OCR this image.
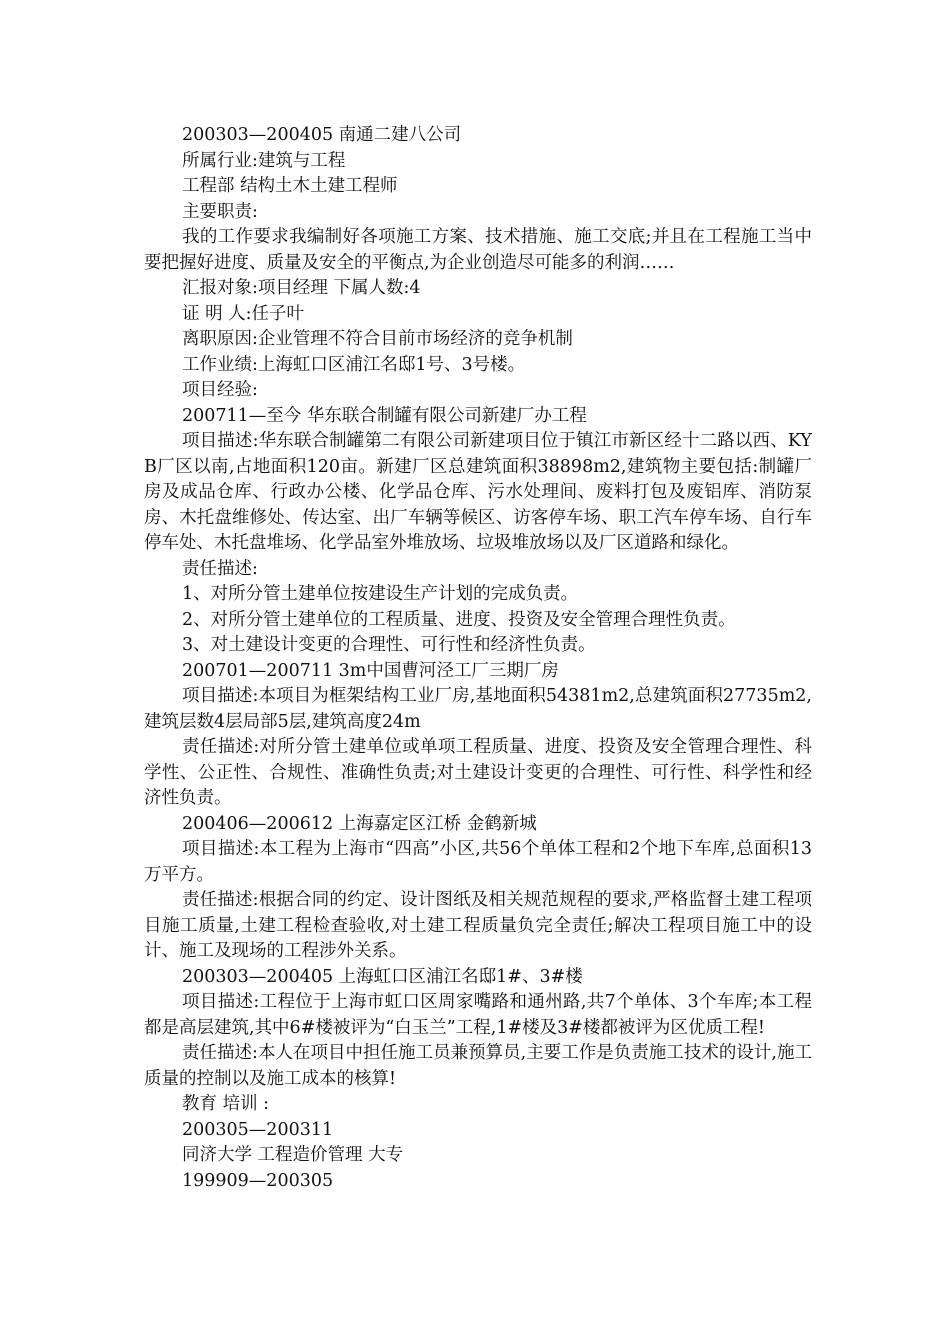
200303—200405 南通二建八公司
所属行业:建筑与工程
工程部 结构土木土建工程师
主要职责:
我的工作要求我编制好各项施工方案、技术措施、施工交底;并且在工程施工当中要把握好进度、质量及安全的平衡点,为企业创造尽可能多的利润……
汇报对象:项目经理 下属人数:4
证 明 人:任子叶
离职原因:企业管理不符合目前市场经济的竞争机制
工作业绩:上海虹口区浦江名邸1号、3号楼。
项目经验:
200711—至今 华东联合制罐有限公司新建厂办工程
项目描述:华东联合制罐第二有限公司新建项目位于镇江市新区经十二路以西、KYB厂区以南,占地面积120亩。新建厂区总建筑面积38898m2,建筑物主要包括:制罐厂房及成品仓库、行政办公楼、化学品仓库、污水处理间、废料打包及废铝库、消防泵房、木托盘维修处、传达室、出厂车辆等候区、访客停车场、职工汽车停车场、自行车停车处、木托盘堆场、化学品室外堆放场、垃圾堆放场以及厂区道路和绿化。
责任描述:
1、对所分管土建单位按建设生产计划的完成负责。
2、对所分管土建单位的工程质量、进度、投资及安全管理合理性负责。
3、对土建设计变更的合理性、可行性和经济性负责。
200701—200711 3m中国曹河泾工厂三期厂房
项目描述:本项目为框架结构工业厂房,基地面积54381m2,总建筑面积27735m2,建筑层数4层局部5层,建筑高度24m
责任描述:对所分管土建单位或单项工程质量、进度、投资及安全管理合理性、科学性、公正性、合规性、准确性负责;对土建设计变更的合理性、可行性、科学性和经济性负责。
200406—200612 上海嘉定区江桥 金鹤新城
项目描述:本工程为上海市“四高”小区,共56个单体工程和2个地下车库,总面积13万平方。
责任描述:根据合同的约定、设计图纸及相关规范规程的要求,严格监督土建工程项目施工质量,土建工程检查验收,对土建工程质量负完全责任;解决工程项目施工中的设计、施工及现场的工程涉外关系。
200303—200405 上海虹口区浦江名邸1#、3#楼
项目描述:工程位于上海市虹口区周家嘴路和通州路,共7个单体、3个车库;本工程都是高层建筑,其中6#楼被评为“白玉兰”工程,1#楼及3#楼都被评为区优质工程!
责任描述:本人在项目中担任施工员兼预算员,主要工作是负责施工技术的设计,施工质量的控制以及施工成本的核算!
教育 培训 :
200305—200311
同济大学 工程造价管理 大专
199909—200305
